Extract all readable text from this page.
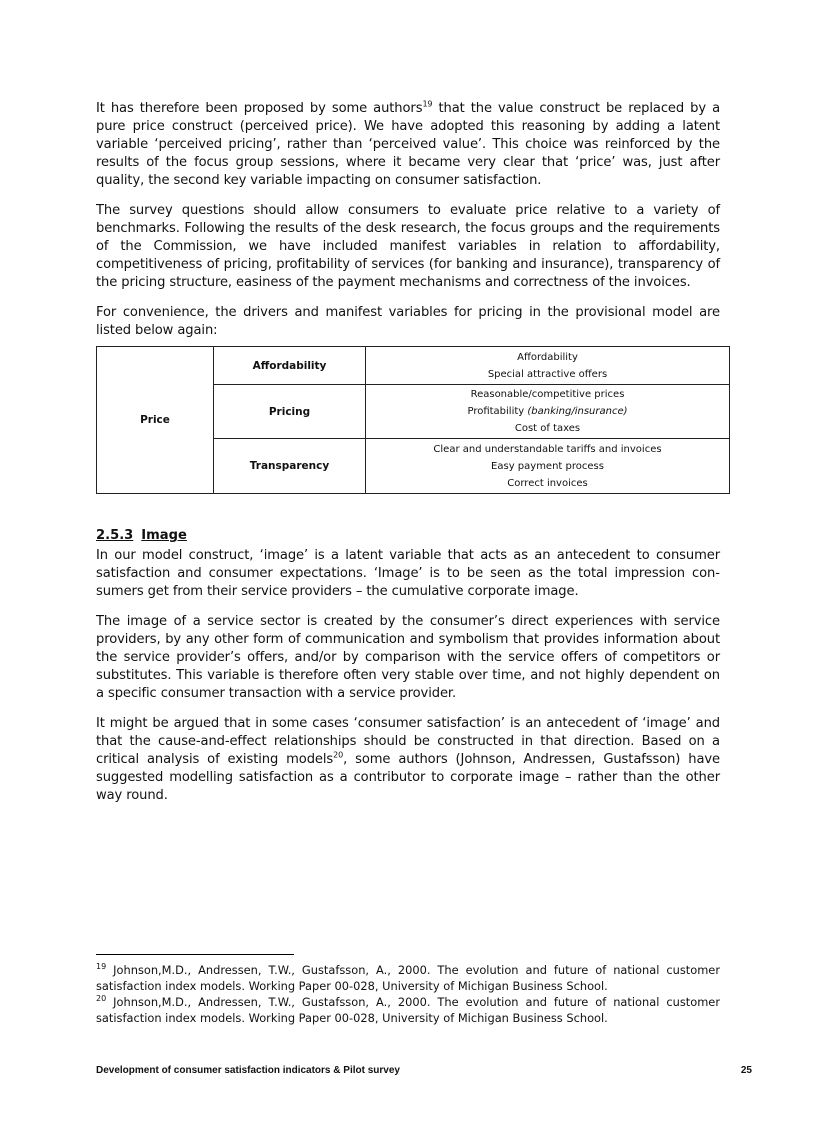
It has therefore been proposed by some authors$^{19}$ that the value construct be replaced by a pure price construct (perceived price). We have adopted this reasoning by adding a latent variable ‘perceived pricing’, rather than ‘perceived value’. This choice was reinforced by the results of the focus group sessions, where it became very clear that ‘price’ was, just after quality, the second key variable impacting on consumer satisfaction.

The survey questions should allow consumers to evaluate price relative to a variety of benchmarks. Following the results of the desk research, the focus groups and the requirements of the Commission, we have included manifest variables in relation to affordability, competitiveness of pricing, profitability of services (for banking and insurance), transparency of the pricing structure, easiness of the payment mechanisms and correctness of the invoices.

For convenience, the drivers and manifest variables for pricing in the provisional model are listed below again:

Price	Affordability	Affordability
Special attractive offers

	Pricing	Reasonable/competitive prices
Profitability (banking/insurance)
Cost of taxes

	Transparency	Clear and understandable tariffs and invoices
Easy payment process
Correct invoices
2.5.3 Image

In our model construct, ‘image’ is a latent variable that acts as an antecedent to consumer satisfaction and consumer expectations. ‘Image’ is to be seen as the total impression consumers get from their service providers – the cumulative corporate image.

The image of a service sector is created by the consumer’s direct experiences with service providers, by any other form of communication and symbolism that provides information about the service provider’s offers, and/or by comparison with the service offers of competitors or substitutes. This variable is therefore often very stable over time, and not highly dependent on a specific consumer transaction with a service provider.

It might be argued that in some cases ‘consumer satisfaction’ is an antecedent of ‘image’ and that the cause-and-effect relationships should be constructed in that direction. Based on a critical analysis of existing models$^{20}$, some authors (Johnson, Andressen, Gustafsson) have suggested modelling satisfaction as a contributor to corporate image – rather than the other way round.

$^{19}$ Johnson,M.D., Andressen, T.W., Gustafsson, A., 2000. The evolution and future of national customer satisfaction index models. Working Paper 00-028, University of Michigan Business School.

$^{20}$ Johnson,M.D., Andressen, T.W., Gustafsson, A., 2000. The evolution and future of national customer satisfaction index models. Working Paper 00-028, University of Michigan Business School.

Development of consumer satisfaction indicators & Pilot survey	25
